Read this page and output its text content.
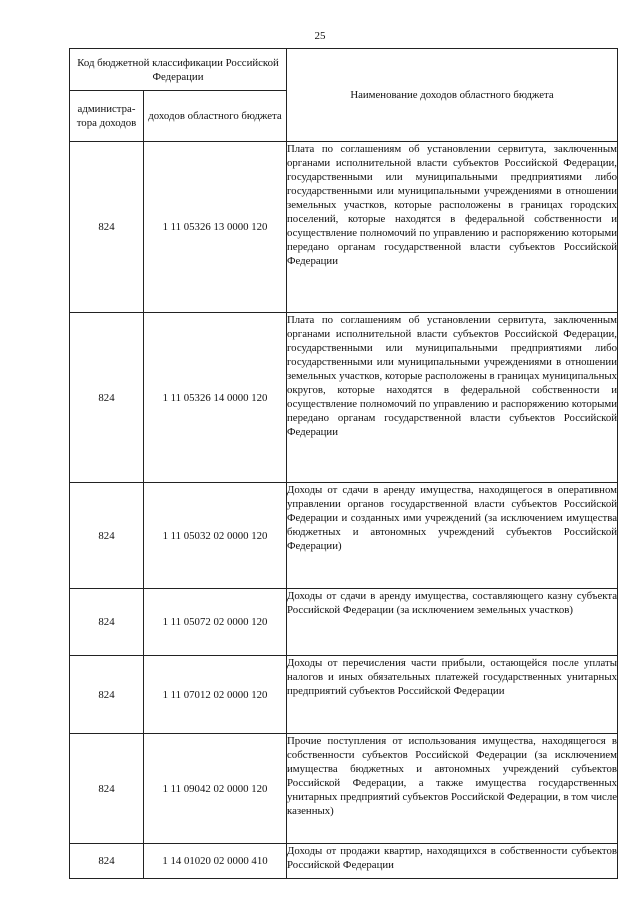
25
Код бюджетной классификации Российской Федерации		Наименование доходов областного бюджета
администра-тора доходов	доходов областного бюджета	
824	1 11 05326 13 0000 120	Плата по соглашениям об установлении сервитута, заключенным органами исполнительной власти субъектов Российской Федерации, государственными или муниципальными предприятиями либо государственными или муниципальными учреждениями в отношении земельных участков, которые расположены в границах городских поселений, которые находятся в федеральной собственности и осуществление полномочий по управлению и распоряжению которыми передано органам государственной власти субъектов Российской Федерации
824	1 11 05326 14 0000 120	Плата по соглашениям об установлении сервитута, заключенным органами исполнительной власти субъектов Российской Федерации, государственными или муниципальными предприятиями либо государственными или муниципальными учреждениями в отношении земельных участков, которые расположены в границах муниципальных округов, которые находятся в федеральной собственности и осуществление полномочий по управлению и распоряжению которыми передано органам государственной власти субъектов Российской Федерации
824	1 11 05032 02 0000 120	Доходы от сдачи в аренду имущества, находящегося в оперативном управлении органов государственной власти субъектов Российской Федерации и созданных ими учреждений (за исключением имущества бюджетных и автономных учреждений субъектов Российской Федерации)
824	1 11 05072 02 0000 120	Доходы от сдачи в аренду имущества, составляющего казну субъекта Российской Федерации (за исключением земельных участков)
824	1 11 07012 02 0000 120	Доходы от перечисления части прибыли, остающейся после уплаты налогов и иных обязательных платежей государственных унитарных предприятий субъектов Российской Федерации
824	1 11 09042 02 0000 120	Прочие поступления от использования имущества, находящегося в собственности субъектов Российской Федерации (за исключением имущества бюджетных и автономных учреждений субъектов Российской Федерации, а также имущества государственных унитарных предприятий субъектов Российской Федерации, в том числе казенных)
824	1 14 01020 02 0000 410	Доходы от продажи квартир, находящихся в собственности субъектов Российской Федерации
